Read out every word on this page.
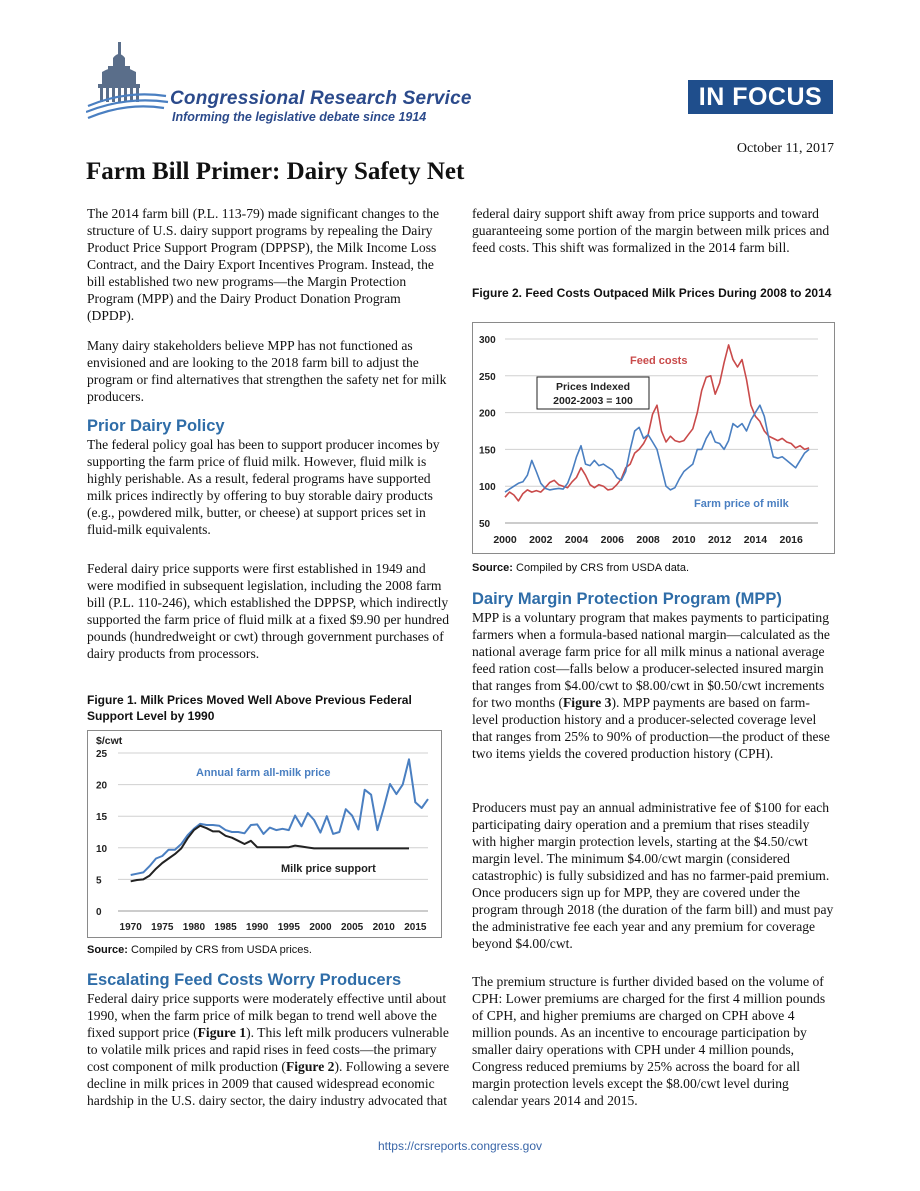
Congressional Research Service
Informing the legislative debate since 1914
IN FOCUS
October 11, 2017
Farm Bill Primer: Dairy Safety Net

The 2014 farm bill (P.L. 113-79) made significant changes to the structure of U.S. dairy support programs by repealing the Dairy Product Price Support Program (DPPSP), the Milk Income Loss Contract, and the Dairy Export Incentives Program. Instead, the bill established two new programs—the Margin Protection Program (MPP) and the Dairy Product Donation Program (DPDP).

Many dairy stakeholders believe MPP has not functioned as envisioned and are looking to the 2018 farm bill to adjust the program or find alternatives that strengthen the safety net for milk producers.

Prior Dairy Policy

The federal policy goal has been to support producer incomes by supporting the farm price of fluid milk. However, fluid milk is highly perishable. As a result, federal programs have supported milk prices indirectly by offering to buy storable dairy products (e.g., powdered milk, butter, or cheese) at support prices set in fluid-milk equivalents.

Federal dairy price supports were first established in 1949 and were modified in subsequent legislation, including the 2008 farm bill (P.L. 110-246), which established the DPPSP, which indirectly supported the farm price of fluid milk at a fixed $9.90 per hundred pounds (hundredweight or cwt) through government purchases of dairy products from processors.

Figure 1. Milk Prices Moved Well Above Previous Federal Support Level by 1990
0
5
10
15
20
25
$/cwt
1970 1975 1980 1985 1990 1995 2000 2005 2010 2015
Annual farm all-milk price
Milk price support
Source: Compiled by CRS from USDA prices.
Escalating Feed Costs Worry Producers

Federal dairy price supports were moderately effective until about 1990, when the farm price of milk began to trend well above the fixed support price (Figure 1). This left milk producers vulnerable to volatile milk prices and rapid rises in feed costs—the primary cost component of milk production (Figure 2). Following a severe decline in milk prices in 2009 that caused widespread economic hardship in the U.S. dairy sector, the dairy industry advocated that

federal dairy support shift away from price supports and toward guaranteeing some portion of the margin between milk prices and feed costs. This shift was formalized in the 2014 farm bill.

Figure 2. Feed Costs Outpaced Milk Prices During 2008 to 2014
50
100
150
200
250
300
2000 2002 2004 2006 2008 2010 2012 2014 2016
Prices Indexed
2002-2003 = 100
Feed costs
Farm price of milk
Source: Compiled by CRS from USDA data.
Dairy Margin Protection Program (MPP)

MPP is a voluntary program that makes payments to participating farmers when a formula-based national margin—calculated as the national average farm price for all milk minus a national average feed ration cost—falls below a producer-selected insured margin that ranges from $4.00/cwt to $8.00/cwt in $0.50/cwt increments for two months (Figure 3). MPP payments are based on farm-level production history and a producer-selected coverage level that ranges from 25% to 90% of production—the product of these two items yields the covered production history (CPH).

Producers must pay an annual administrative fee of $100 for each participating dairy operation and a premium that rises steadily with higher margin protection levels, starting at the $4.50/cwt margin level. The minimum $4.00/cwt margin (considered catastrophic) is fully subsidized and has no farmer-paid premium. Once producers sign up for MPP, they are covered under the program through 2018 (the duration of the farm bill) and must pay the administrative fee each year and any premium for coverage beyond $4.00/cwt.

The premium structure is further divided based on the volume of CPH: Lower premiums are charged for the first 4 million pounds of CPH, and higher premiums are charged on CPH above 4 million pounds. As an incentive to encourage participation by smaller dairy operations with CPH under 4 million pounds, Congress reduced premiums by 25% across the board for all margin protection levels except the $8.00/cwt level during calendar years 2014 and 2015.

https://crsreports.congress.gov
